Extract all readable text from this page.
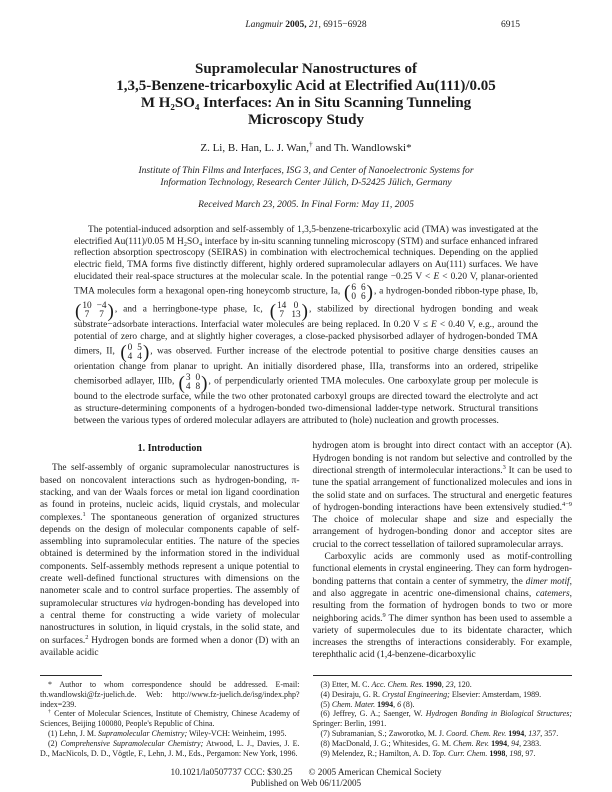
Langmuir 2005, 21, 6915−6928	6915
Supramolecular Nanostructures of
1,3,5-Benzene-tricarboxylic Acid at Electrified Au(111)/0.05
M H₂SO₄ Interfaces: An in Situ Scanning Tunneling
Microscopy Study
Z. Li, B. Han, L. J. Wan,† and Th. Wandlowski*
Institute of Thin Films and Interfaces, ISG 3, and Center of Nanoelectronic Systems for
Information Technology, Research Center Jülich, D-52425 Jülich, Germany
Received March 23, 2005. In Final Form: May 11, 2005

The potential-induced adsorption and self-assembly of 1,3,5-benzene-tricarboxylic acid (TMA) was investigated at the electrified Au(111)/0.05 M H₂SO₄ interface by in-situ scanning tunneling microscopy (STM) and surface enhanced infrared reflection absorption spectroscopy (SEIRAS) in combination with electrochemical techniques. Depending on the applied electric field, TMA forms five distinctly different, highly ordered supramolecular adlayers on Au(111) surfaces. We have elucidated their real-space structures at the molecular scale. In the potential range −0.25 V < E < 0.20 V, planar-oriented TMA molecules form a hexagonal open-ring honeycomb structure, Ia, ( 6 6
0 6 ) , a hydrogen-bonded ribbon-type phase, Ib,
( 10 −4
7 7 ) , and a herringbone-type phase, Ic, ( 14 0
7 13 ) , stabilized by directional hydrogen bonding and weak substrate−adsorbate interactions. Interfacial water molecules are being replaced. In 0.20 V ≤ E < 0.40 V, e.g., around the potential of zero charge, and at slightly higher coverages, a close-packed physisorbed adlayer of hydrogen-bonded TMA dimers, II, ( 0 5
4 4 ) , was observed. Further increase of the electrode potential to positive charge densities causes an orientation change from planar to upright. An initially disordered phase, IIIa, transforms into an ordered, stripelike chemisorbed adlayer, IIIb, ( 3 0
4 8 ) , of perpendicularly oriented TMA molecules. One carboxylate group per molecule is bound to the electrode surface, while the two other protonated carboxyl groups are directed toward the electrolyte and act as structure-determining components of a hydrogen-bonded two-dimensional ladder-type network. Structural transitions between the various types of ordered molecular adlayers are attributed to (hole) nucleation and growth processes.

1. Introduction

The self-assembly of organic supramolecular nanostructures is based on noncovalent interactions such as hydrogen-bonding, π-stacking, and van der Waals forces or metal ion ligand coordination as found in proteins, nucleic acids, liquid crystals, and molecular complexes.$^1$ The spontaneous generation of organized structures depends on the design of molecular components capable of self-assembling into supramolecular entities. The nature of the species obtained is determined by the information stored in the individual components. Self-assembly methods represent a unique potential to create well-defined functional structures with dimensions on the nanometer scale and to control surface properties. The assembly of supramolecular structures via hydrogen-bonding has developed into a central theme for constructing a wide variety of molecular nanostructures in solution, in liquid crystals, in the solid state, and on surfaces.$^2$ Hydrogen bonds are formed when a donor (D) with an available acidic

* Author to whom correspondence should be addressed. E-mail: th.wandlowski@fz-juelich.de. Web: http://www.fz-juelich.de/isg/index.php?index=239.

† Center of Molecular Sciences, Institute of Chemistry, Chinese Academy of Sciences, Beijing 100080, People's Republic of China.

(1) Lehn, J. M. Supramolecular Chemistry; Wiley-VCH: Weinheim, 1995.

(2) Comprehensive Supramolecular Chemistry; Atwood, L. J., Davies, J. E. D., MacNicols, D. D., Vögtle, F., Lehn, J. M., Eds., Pergamon: New York, 1996.

hydrogen atom is brought into direct contact with an acceptor (A). Hydrogen bonding is not random but selective and controlled by the directional strength of intermolecular interactions.$^3$ It can be used to tune the spatial arrangement of functionalized molecules and ions in the solid state and on surfaces. The structural and energetic features of hydrogen-bonding interactions have been extensively studied.$^{4-9}$ The choice of molecular shape and size and especially the arrangement of hydrogen-bonding donor and acceptor sites are crucial to the correct tessellation of tailored supramolecular arrays.

Carboxylic acids are commonly used as motif-controlling functional elements in crystal engineering. They can form hydrogen-bonding patterns that contain a center of symmetry, the dimer motif, and also aggregate in acentric one-dimensional chains, catemers, resulting from the formation of hydrogen bonds to two or more neighboring acids.$^9$ The dimer synthon has been used to assemble a variety of supermolecules due to its bidentate character, which increases the strengths of interactions considerably. For example, terephthalic acid (1,4-benzene-dicarboxylic

(3) Etter, M. C. Acc. Chem. Res. 1990, 23, 120.

(4) Desiraju, G. R. Crystal Engineering; Elsevier: Amsterdam, 1989.

(5) Chem. Mater. 1994, 6 (8).

(6) Jeffrey, G. A.; Saenger, W. Hydrogen Bonding in Biological Structures; Springer: Berlin, 1991.

(7) Subramanian, S.; Zaworotko, M. J. Coord. Chem. Rev. 1994, 137, 357.

(8) MacDonald, J. G.; Whitesides, G. M. Chem. Rev. 1994, 94, 2383.

(9) Melendez, R.; Hamilton, A. D. Top. Curr. Chem. 1998, 198, 97.

10.1021/la0507737 CCC: $30.25 © 2005 American Chemical Society
Published on Web 06/11/2005
